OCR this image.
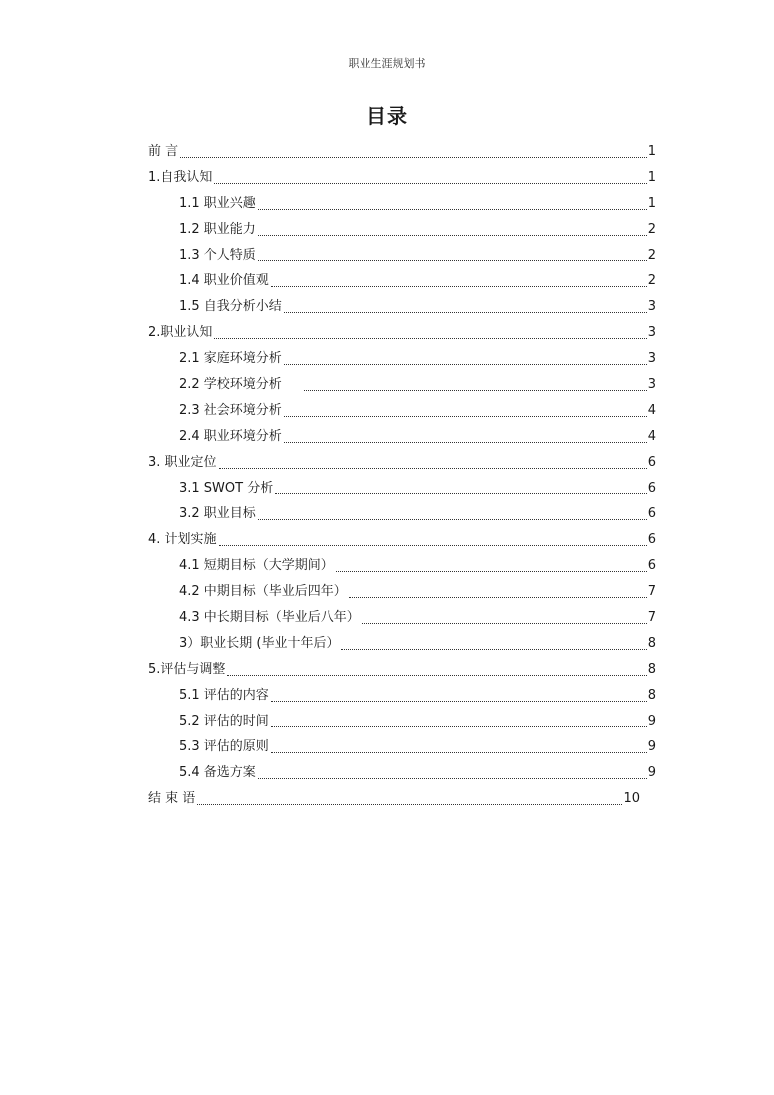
职业生涯规划书
目录
前 言	1
1.自我认知	1
1.1 职业兴趣	1
1.2 职业能力	2
1.3 个人特质	2
1.4 职业价值观	2
1.5 自我分析小结	3
2.职业认知	3
2.1 家庭环境分析	3
2.2 学校环境分析	3
2.3 社会环境分析	4
2.4 职业环境分析	4
3. 职业定位	6
3.1 SWOT 分析	6
3.2 职业目标	6
4. 计划实施	6
4.1 短期目标（大学期间）	6
4.2 中期目标（毕业后四年）	7
4.3 中长期目标（毕业后八年）	7
3）职业长期 (毕业十年后）	8
5.评估与调整	8
5.1 评估的内容	8
5.2 评估的时间	9
5.3 评估的原则	9
5.4 备选方案	9
结 束 语	10
